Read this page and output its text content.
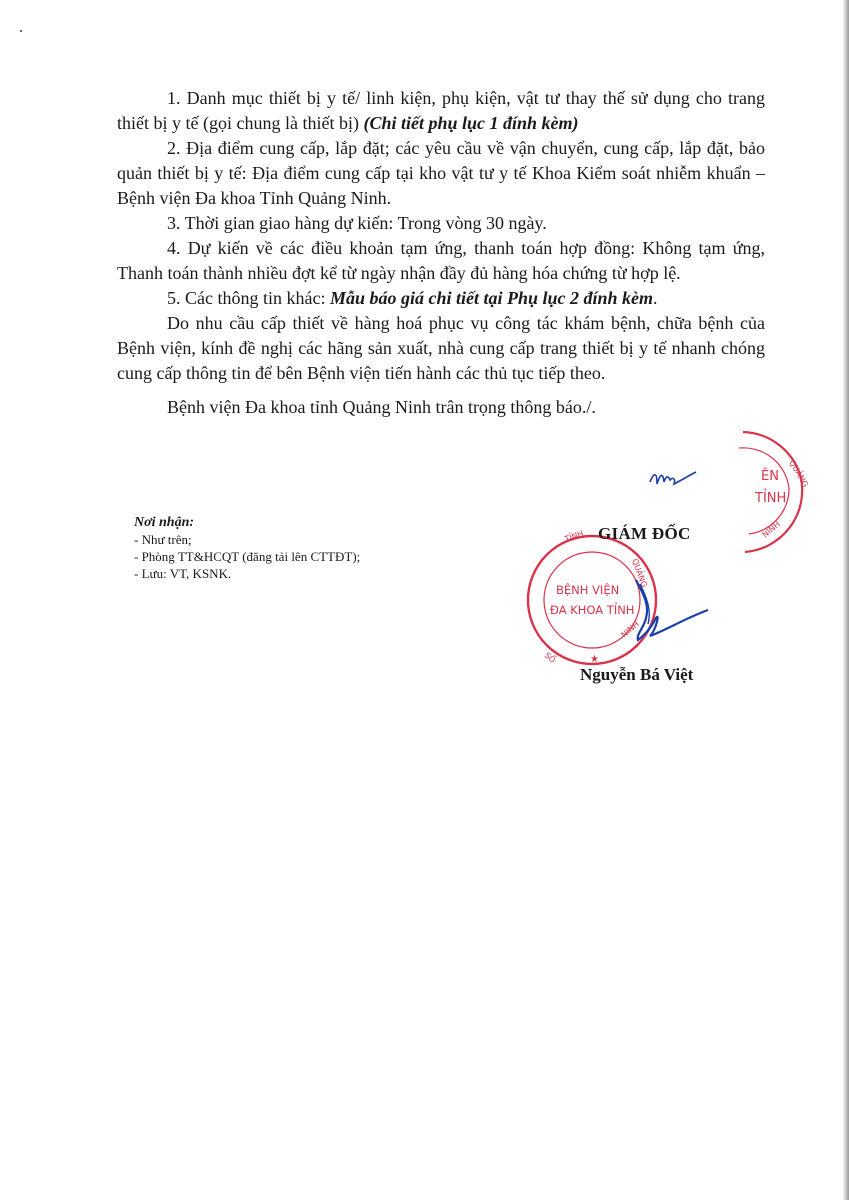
1. Danh mục thiết bị y tế/ linh kiện, phụ kiện, vật tư thay thế sử dụng cho trang thiết bị y tế (gọi chung là thiết bị) (Chi tiết phụ lục 1 đính kèm)

2. Địa điểm cung cấp, lắp đặt; các yêu cầu về vận chuyển, cung cấp, lắp đặt, bảo quản thiết bị y tế: Địa điểm cung cấp tại kho vật tư y tế Khoa Kiểm soát nhiễm khuẩn – Bệnh viện Đa khoa Tỉnh Quảng Ninh.

3. Thời gian giao hàng dự kiến: Trong vòng 30 ngày.

4. Dự kiến về các điều khoản tạm ứng, thanh toán hợp đồng: Không tạm ứng, Thanh toán thành nhiều đợt kể từ ngày nhận đầy đủ hàng hóa chứng từ hợp lệ.

5. Các thông tin khác: Mẫu báo giá chi tiết tại Phụ lục 2 đính kèm.

Do nhu cầu cấp thiết về hàng hoá phục vụ công tác khám bệnh, chữa bệnh của Bệnh viện, kính đề nghị các hãng sản xuất, nhà cung cấp trang thiết bị y tế nhanh chóng cung cấp thông tin để bên Bệnh viện tiến hành các thủ tục tiếp theo.

Bệnh viện Đa khoa tỉnh Quảng Ninh trân trọng thông báo./.

ÊN
TỈNH
QUẢNG
NINH
Nơi nhận:
- Như trên;
- Phòng TT&HCQT (đăng tải lên CTTĐT);
- Lưu: VT, KSNK.
TỈNH
QUẢNG
NINH
SỐ	★
BỆNH VIỆN
ĐA KHOA TỈNH
GIÁM ĐỐC
Nguyễn Bá Việt
